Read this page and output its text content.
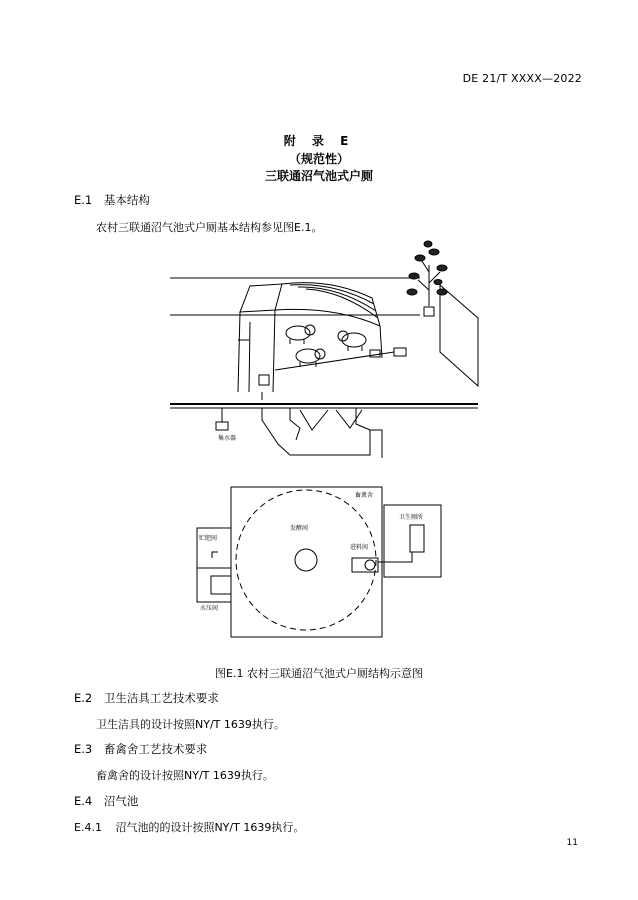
DE 21/T XXXX—2022
附 录 E
（规范性）
三联通沼气池式户厕
E.1 基本结构
农村三联通沼气池式户厕基本结构参见图E.1。
集水器
畜禽舍
卫生厕所
发酵间
贮肥间
进料间
水压间
图E.1 农村三联通沼气池式户厕结构示意图
E.2 卫生洁具工艺技术要求
卫生洁具的设计按照NY/T 1639执行。
E.3 畜禽舍工艺技术要求
畜禽舍的设计按照NY/T 1639执行。
E.4 沼气池
E.4.1 沼气池的的设计按照NY/T 1639执行。
11
